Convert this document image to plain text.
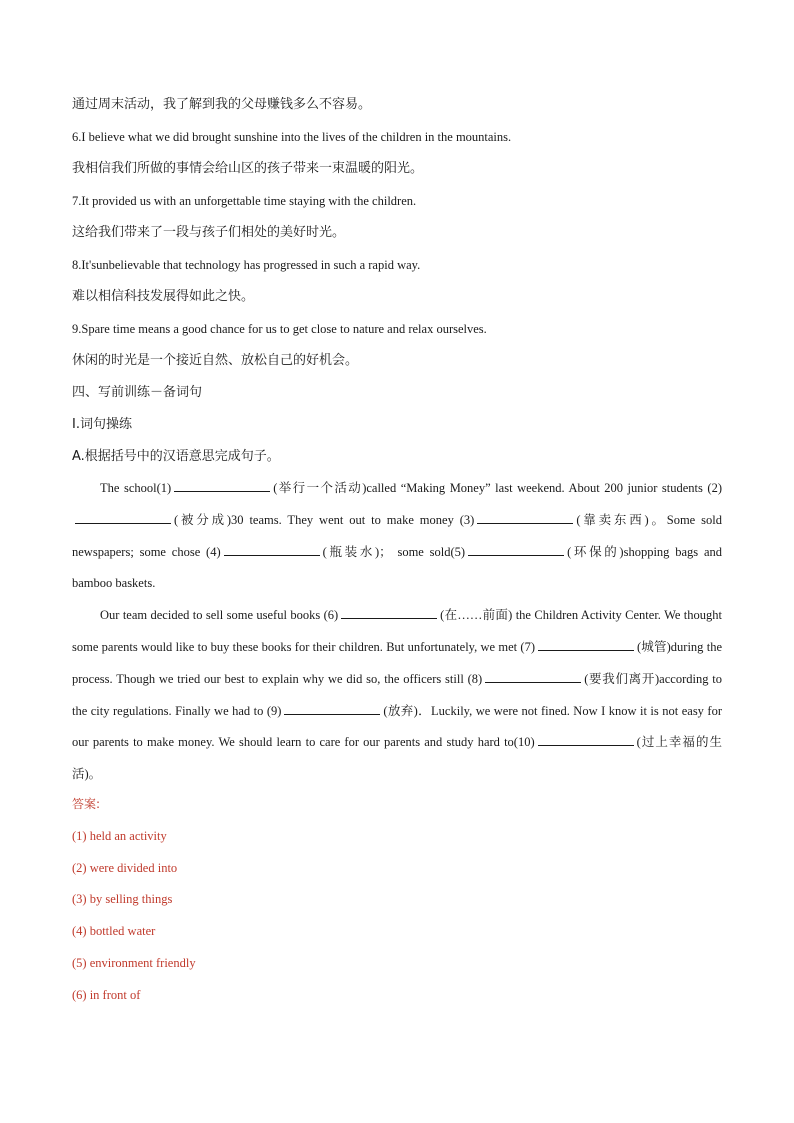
通过周末活动，我了解到我的父母赚钱多么不容易。
6.I believe what we did brought sunshine into the lives of the children in the mountains.
我相信我们所做的事情会给山区的孩子带来一束温暖的阳光。
7.It provided us with an unforgettable time staying with the children.
这给我们带来了一段与孩子们相处的美好时光。
8.It'sunbelievable that technology has progressed in such a rapid way.
难以相信科技发展得如此之快。
9.Spare time means a good chance for us to get close to nature and relax ourselves.
休闲的时光是一个接近自然、放松自己的好机会。
四、写前训练－备词句
I.词句操练
A.根据括号中的汉语意思完成句子。

The school(1)	(举行一个活动)called “Making Money” last weekend. About 200 junior students (2)(被分成)30 teams. They went out to make money (3)	(靠卖东西)。Some sold newspapers; some chose (4)	(瓶装水)； some sold(5)	(环保的)shopping bags and bamboo baskets.

Our team decided to sell some useful books (6)	(在……前面) the Children Activity Center. We thought some parents would like to buy these books for their children. But unfortunately, we met (7)	(城管)during the process. Though we tried our best to explain why we did so, the officers still (8)	(要我们离开)according to the city regulations. Finally we had to (9)	(放弃)．Luckily, we were not fined. Now I know it is not easy for our parents to make money. We should learn to care for our parents and study hard to(10)	(过上幸福的生活)。

答案:
(1) held an activity
(2) were divided into
(3) by selling things
(4) bottled water
(5) environment friendly
(6) in front of
